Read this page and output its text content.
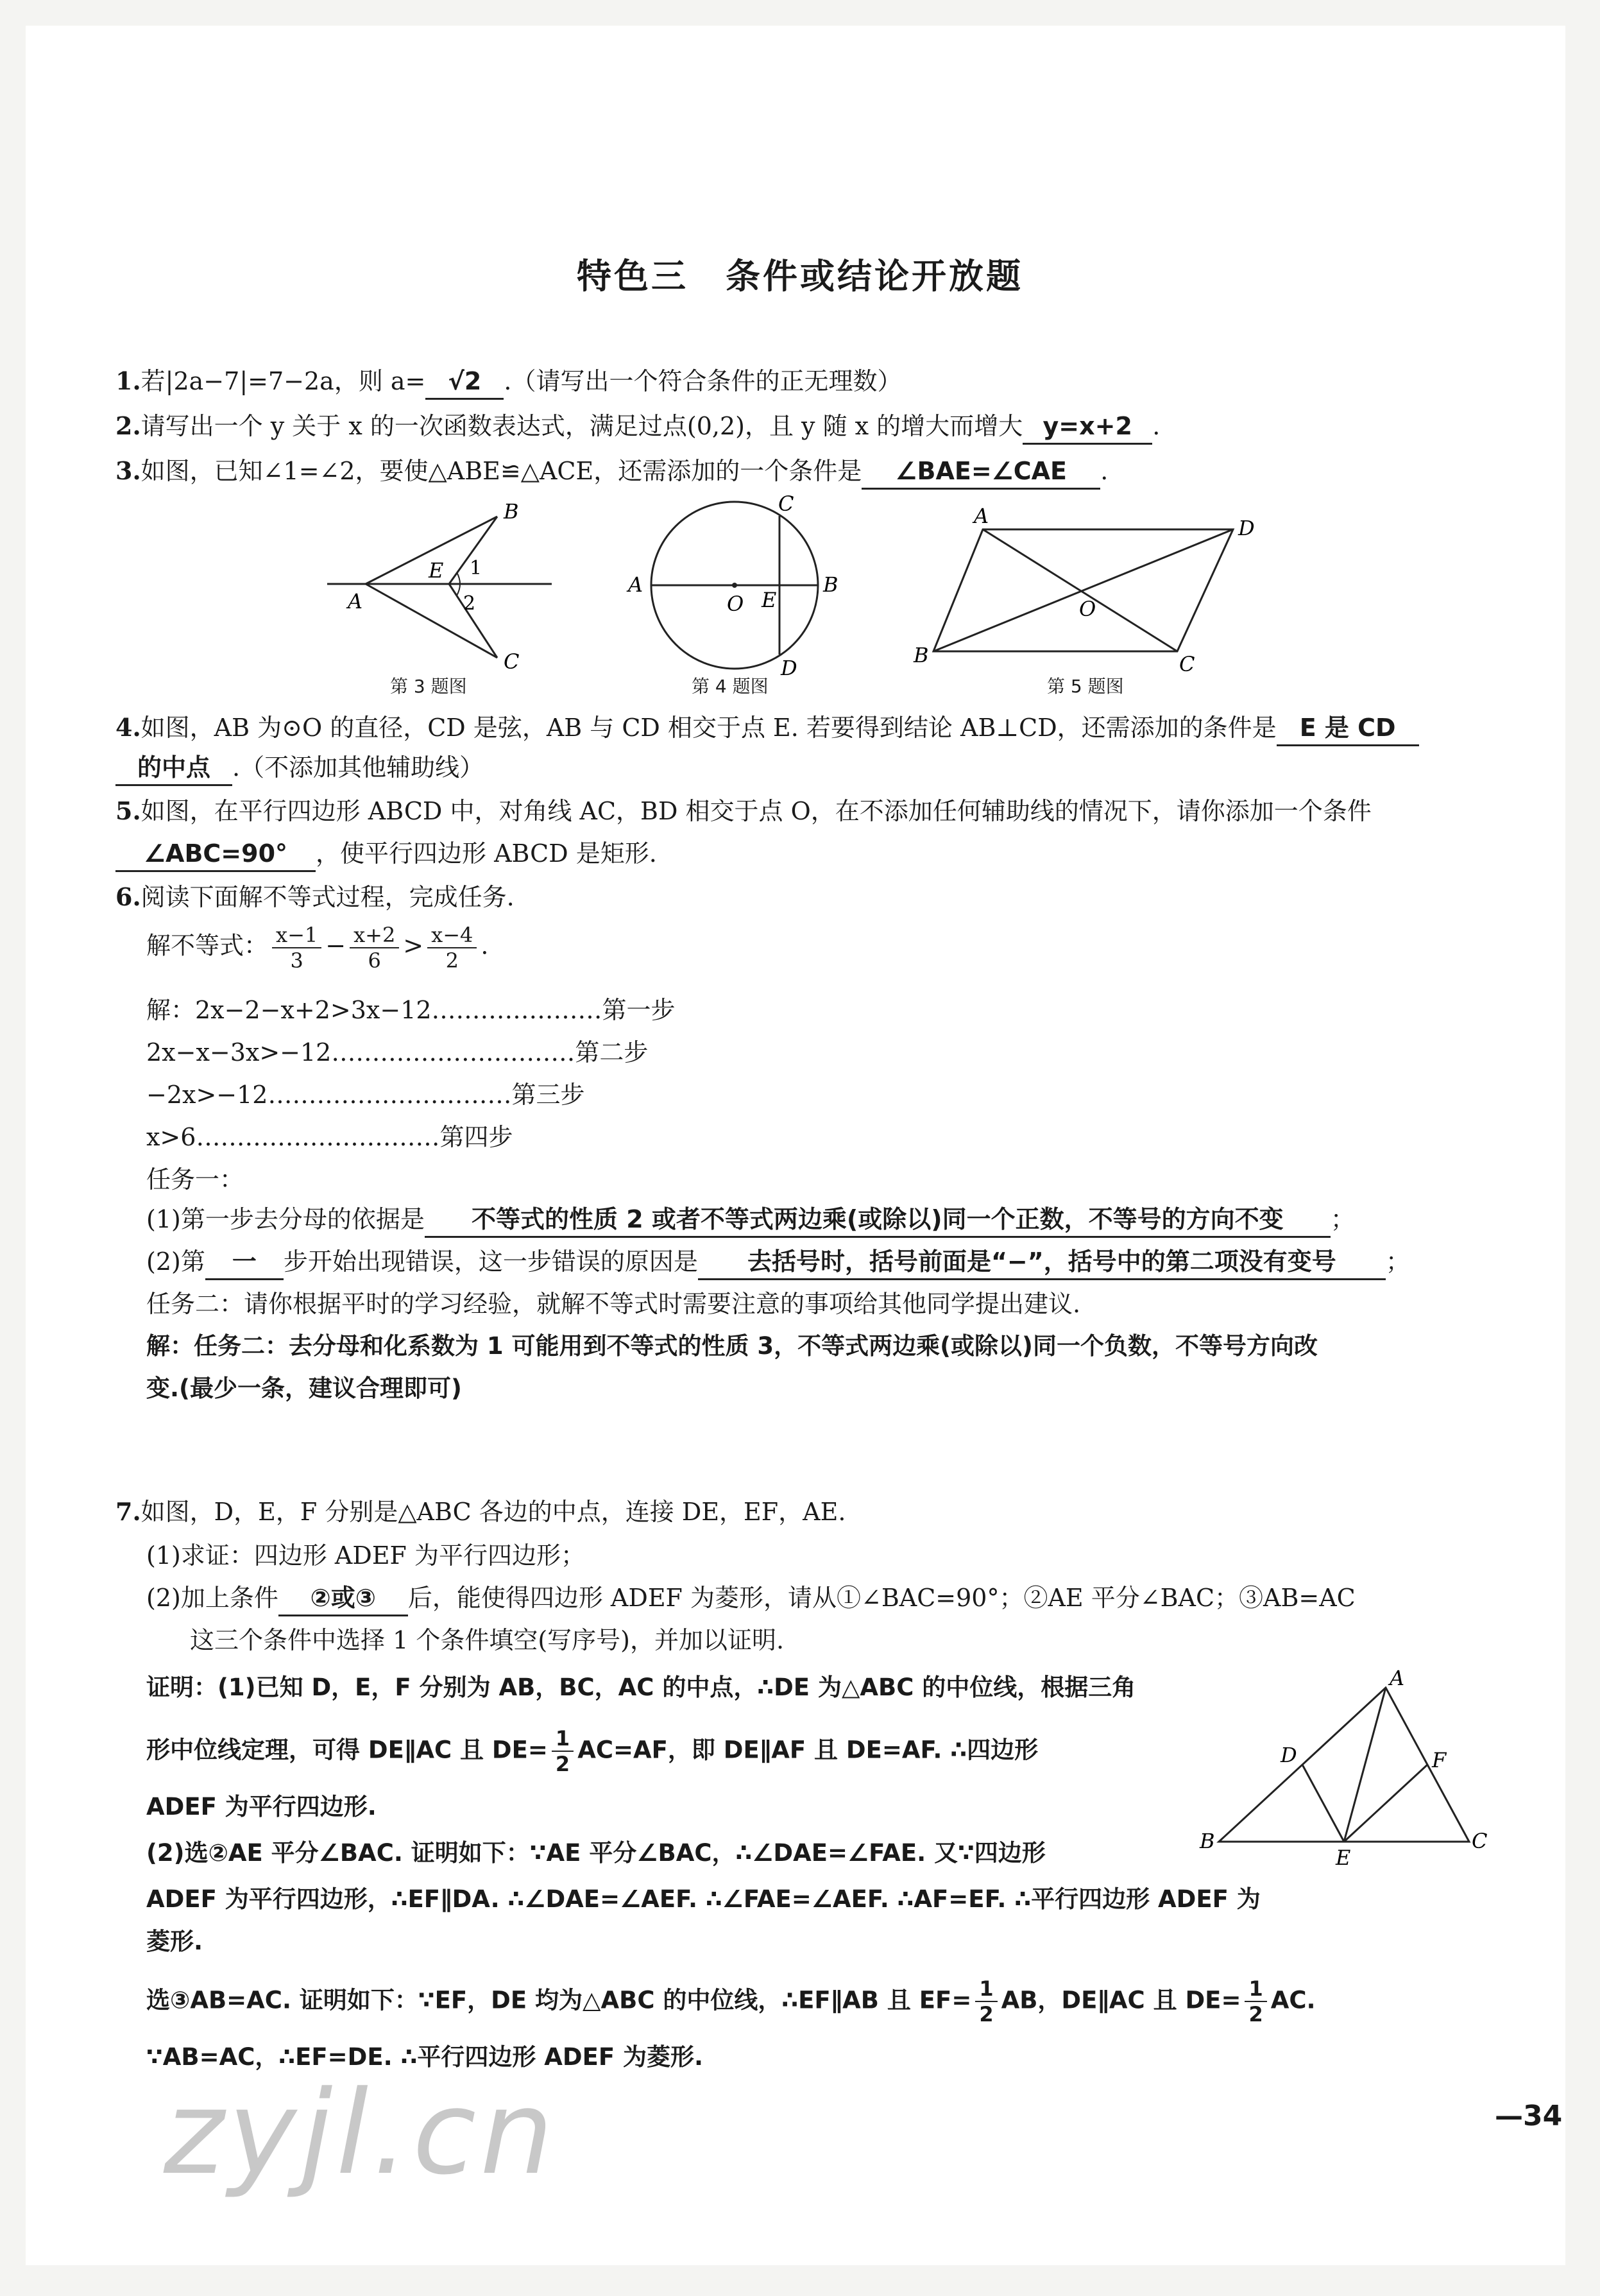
特色三　条件或结论开放题
1.若|2a−7|=7−2a，则 a= √2 .（请写出一个符合条件的正无理数）
2.请写出一个 y 关于 x 的一次函数表达式，满足过点(0,2)，且 y 随 x 的增大而增大 y=x+2 .
3.如图，已知∠1=∠2，要使△ABE≌△ACE，还需添加的一个条件是 ∠BAE=∠CAE .
B
E 1
A	2
C
第 3 题图
C
A
O E
B
D
第 4 题图
A	D
O
B	C
第 5 题图
4.如图，AB 为⊙O 的直径，CD 是弦，AB 与 CD 相交于点 E. 若要得到结论 AB⊥CD，还需添加的条件是 E 是 CD
的中点 .（不添加其他辅助线）
5.如图，在平行四边形 ABCD 中，对角线 AC，BD 相交于点 O，在不添加任何辅助线的情况下，请你添加一个条件
∠ABC=90° ，使平行四边形 ABCD 是矩形.
6.阅读下面解不等式过程，完成任务.
解不等式： $\frac{x-1}{3} - \frac{x+2}{6} > \frac{x-4}{2}$ .
解：2x−2−x+2>3x−12…………………第一步
2x−x−3x>−12…………………………第二步
−2x>−12…………………………第三步
x>6…………………………第四步
任务一：
(1)第一步去分母的依据是 不等式的性质 2 或者不等式两边乘(或除以)同一个正数，不等号的方向不变 ；
(2)第 一 步开始出现错误，这一步错误的原因是 去括号时，括号前面是“−”，括号中的第二项没有变号 ；
任务二：请你根据平时的学习经验，就解不等式时需要注意的事项给其他同学提出建议.
解：任务二：去分母和化系数为 1 可能用到不等式的性质 3，不等式两边乘(或除以)同一个负数，不等号方向改
变.(最少一条，建议合理即可)
7.如图，D，E，F 分别是△ABC 各边的中点，连接 DE，EF，AE.
(1)求证：四边形 ADEF 为平行四边形；
(2)加上条件 ②或③ 后，能使得四边形 ADEF 为菱形，请从①∠BAC=90°；②AE 平分∠BAC；③AB=AC
这三个条件中选择 1 个条件填空(写序号)，并加以证明.
证明：(1)已知 D，E，F 分别为 AB，BC，AC 的中点，∴DE 为△ABC 的中位线，根据三角
形中位线定理，可得 DE∥AC 且 $DE= \frac{1}{2} AC=AF$，即 DE∥AF 且 DE=AF. ∴四边形
ADEF 为平行四边形.
(2)选②AE 平分∠BAC. 证明如下：∵AE 平分∠BAC，∴∠DAE=∠FAE. 又∵四边形
ADEF 为平行四边形，∴EF∥DA. ∴∠DAE=∠AEF. ∴∠FAE=∠AEF. ∴AF=EF. ∴平行四边形 ADEF 为
菱形.
选③AB=AC. 证明如下：∵EF，DE 均为△ABC 的中位线，∴EF∥AB 且 $EF= \frac{1}{2}$ AB，DE∥AC 且 $DE= \frac{1}{2}$ AC.
∵AB=AC，∴EF=DE. ∴平行四边形 ADEF 为菱形.
A
D	F
B
E
C
zyjl.cn	—34
